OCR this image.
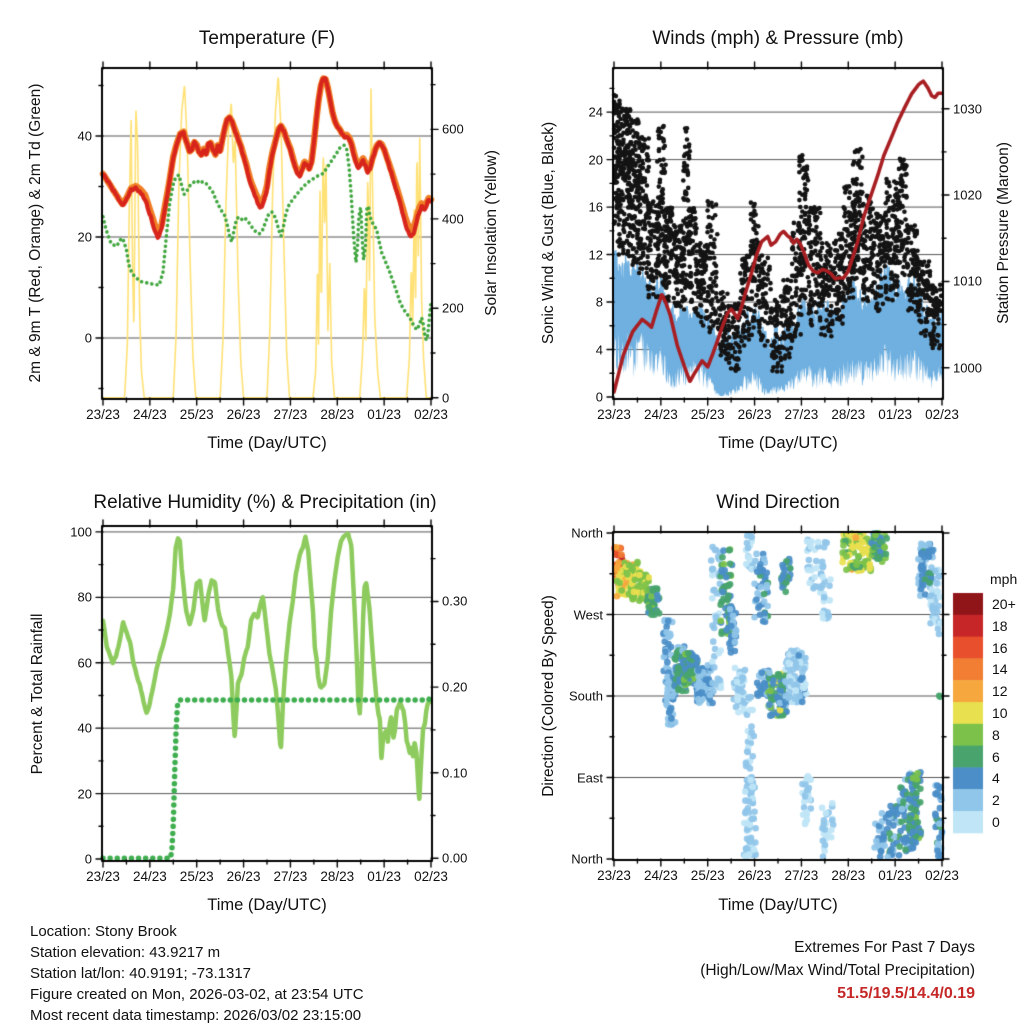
Temperature (F)	Winds (mph) & Pressure (mb)
Relative Humidity (%) & Precipitation (in)	Wind Direction
2m & 9m T (Red, Orange) & 2m Td (Green)	Solar Insolation (Yellow)	Sonic Wind & Gust (Blue, Black)	Station Pressure (Maroon)
Percent & Total Rainfall	Direction (Colored By Speed)
Time (Day/UTC)	Time (Day/UTC)
Time (Day/UTC)	Time (Day/UTC)
23/23 24/23 25/23 26/23 27/23 28/23 01/23 02/23
0
20
40
0
200
400
600
23/23 24/23 25/23 26/23 27/23 28/23 01/23 02/23
0
4
8
12
16
20
24
1000
1010
1020
1030
23/23 24/23 25/23 26/23 27/23 28/23 01/23 02/23
0
20
40
60
80
100
0.00
0.10
0.20
0.30
23/23 24/23 25/23 26/23 27/23 28/23 01/23 02/23
North
West
South
East
North
mph
20+
18
16
14
12
10
8
6
4
2
0
Location: Stony Brook
Station elevation: 43.9217 m
Station lat/lon: 40.9191; -73.1317
Figure created on Mon, 2026-03-02, at 23:54 UTC
Most recent data timestamp: 2026/03/02 23:15:00
Extremes For Past 7 Days
(High/Low/Max Wind/Total Precipitation)
51.5/19.5/14.4/0.19
